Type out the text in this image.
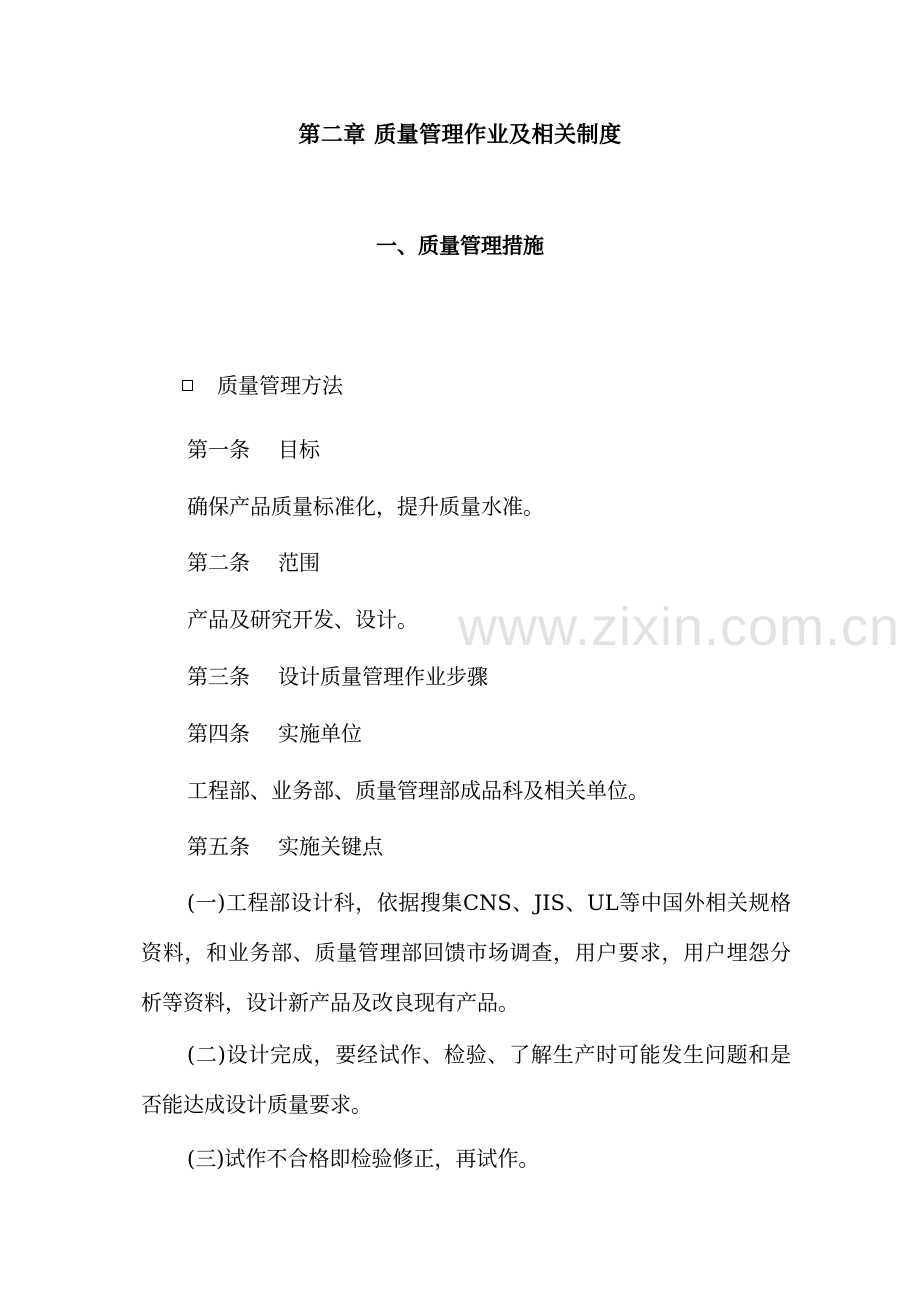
第二章 质量管理作业及相关制度
一、质量管理措施
质量管理方法
第一条 目标
确保产品质量标准化，提升质量水准。
第二条 范围
产品及研究开发、设计。
第三条 设计质量管理作业步骤
第四条 实施单位
工程部、业务部、质量管理部成品科及相关单位。
第五条 实施关键点
(一)工程部设计科，依据搜集CNS、JIS、UL等中国外相关规格资料，和业务部、质量管理部回馈市场调查，用户要求，用户埋怨分析等资料，设计新产品及改良现有产品。
(二)设计完成，要经试作、检验、了解生产时可能发生问题和是否能达成设计质量要求。
(三)试作不合格即检验修正，再试作。
www.zixin.com.cn
